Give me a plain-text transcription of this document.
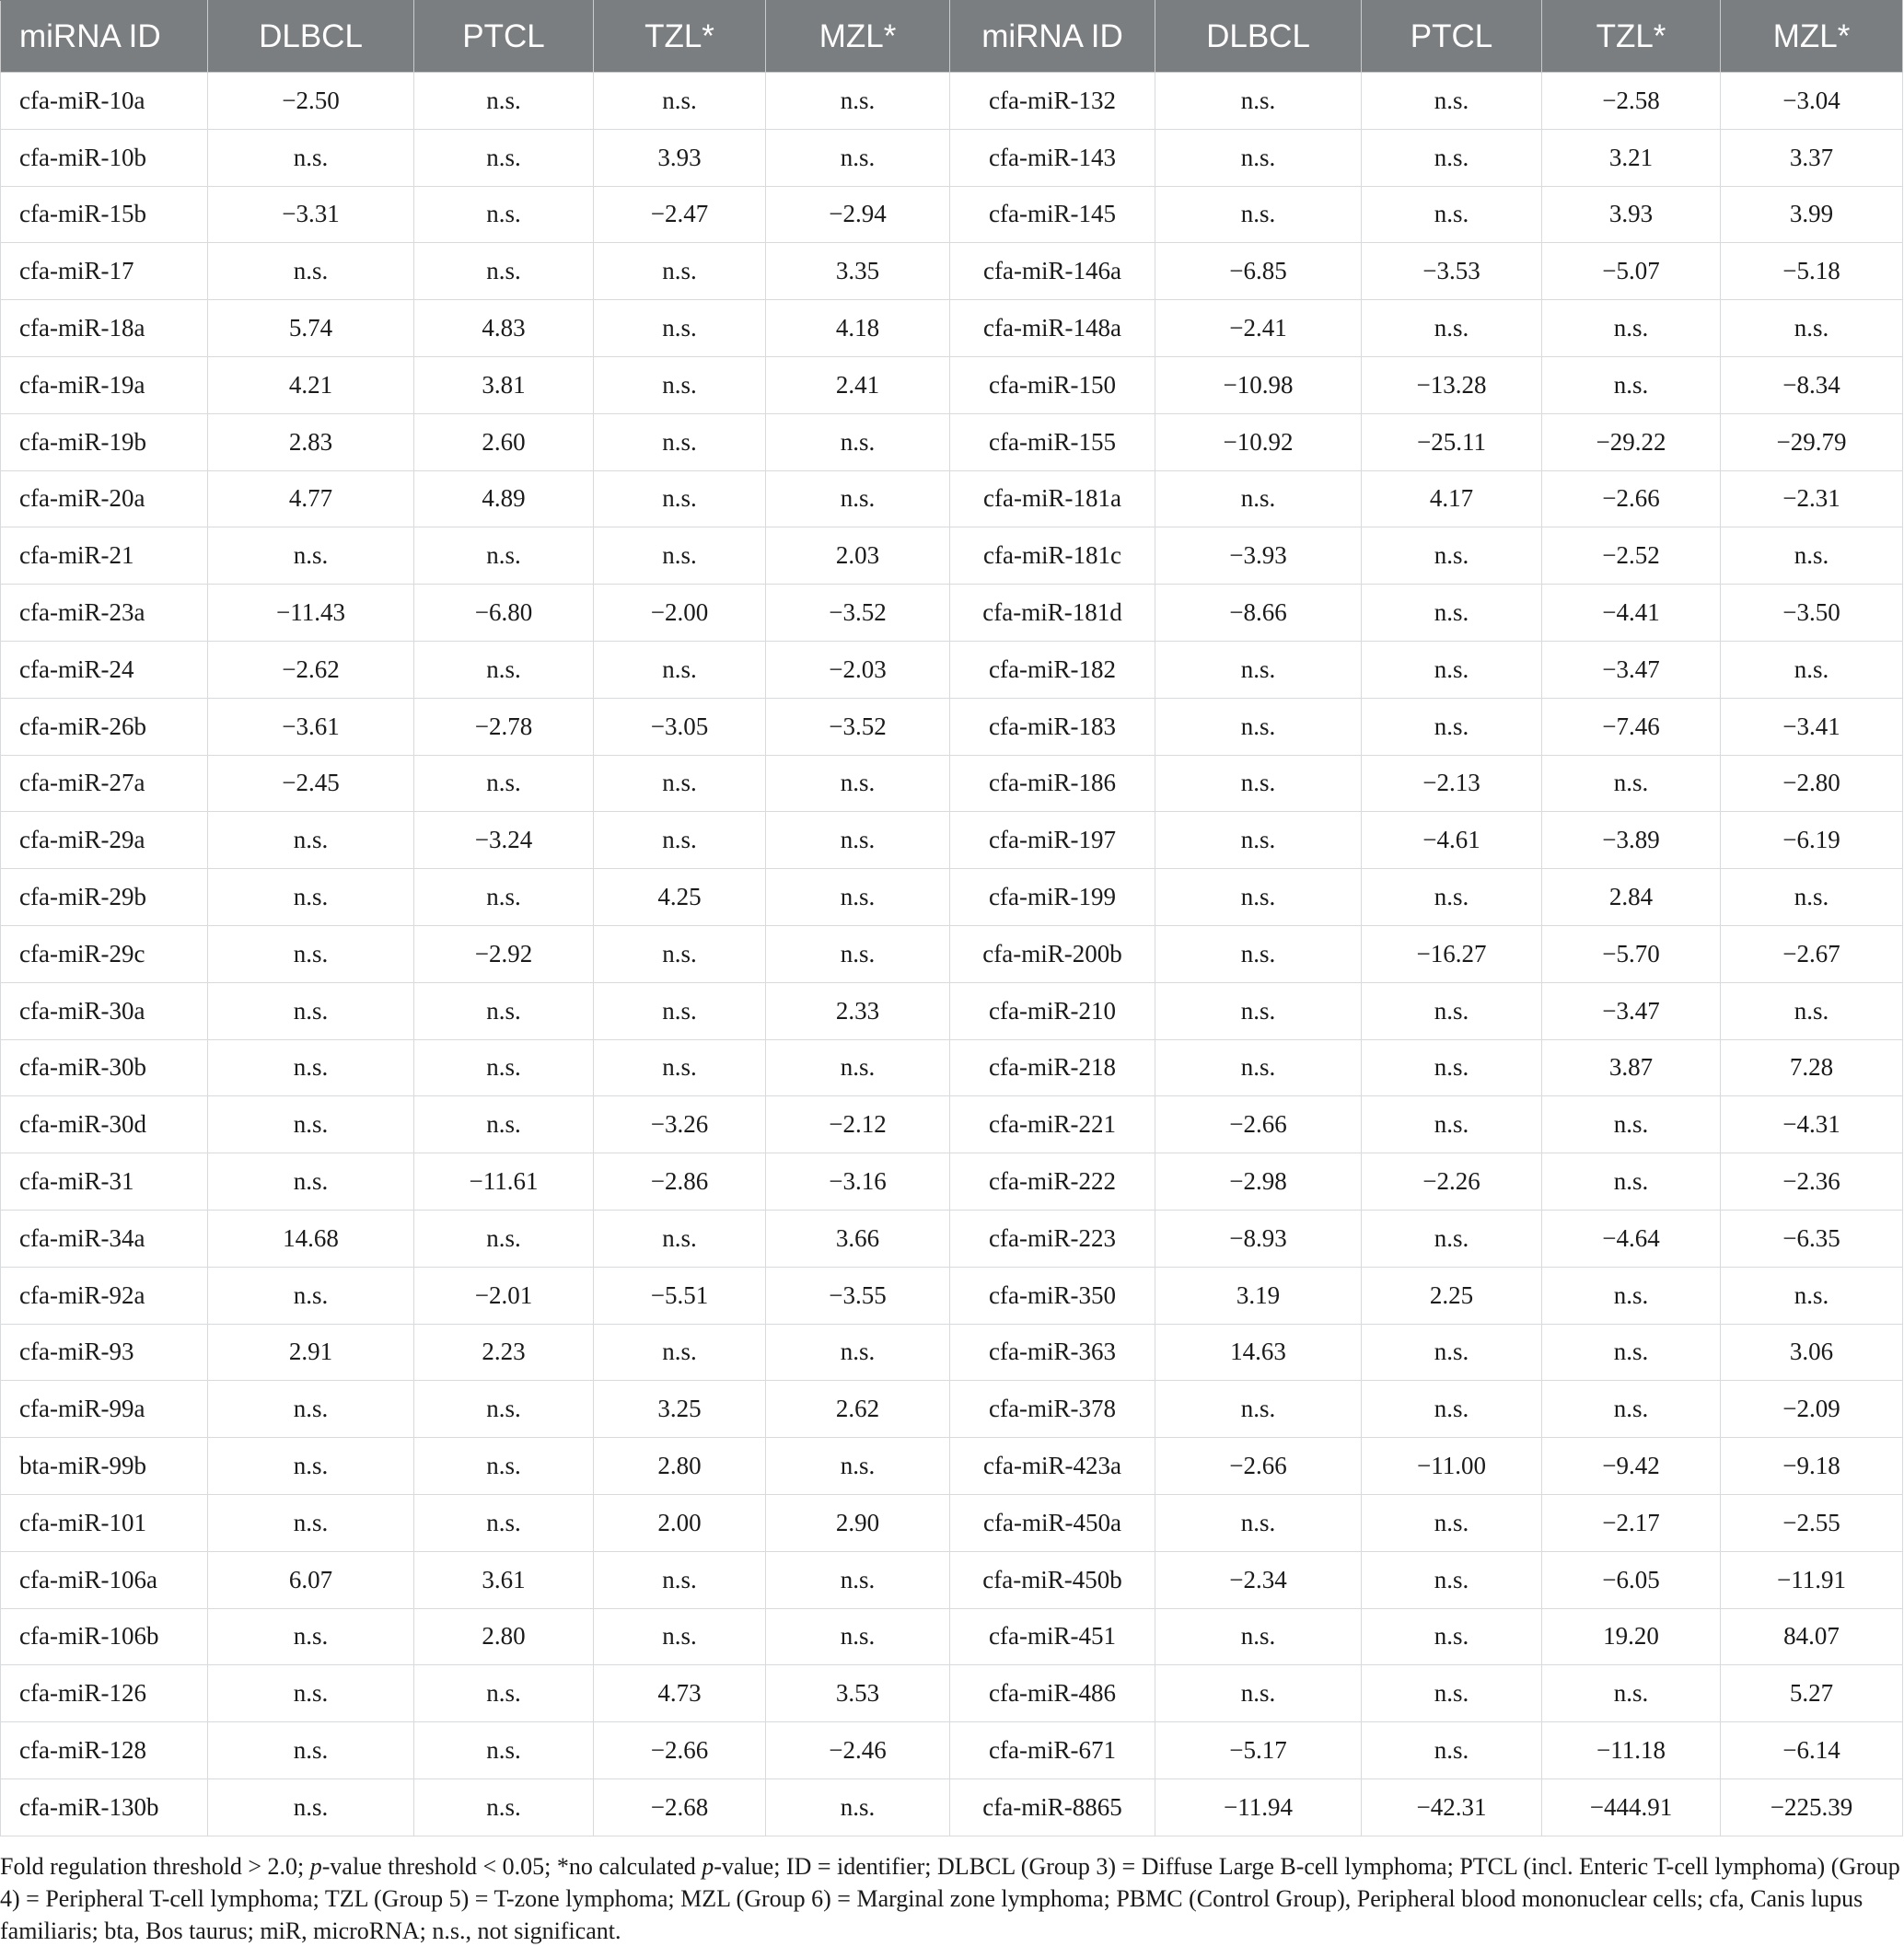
miRNA ID	DLBCL	PTCL	TZL*	MZL*	miRNA ID	DLBCL	PTCL	TZL*	MZL*
cfa-miR-10a	−2.50	n.s.	n.s.	n.s.	cfa-miR-132	n.s.	n.s.	−2.58	−3.04
cfa-miR-10b	n.s.	n.s.	3.93	n.s.	cfa-miR-143	n.s.	n.s.	3.21	3.37
cfa-miR-15b	−3.31	n.s.	−2.47	−2.94	cfa-miR-145	n.s.	n.s.	3.93	3.99
cfa-miR-17	n.s.	n.s.	n.s.	3.35	cfa-miR-146a	−6.85	−3.53	−5.07	−5.18
cfa-miR-18a	5.74	4.83	n.s.	4.18	cfa-miR-148a	−2.41	n.s.	n.s.	n.s.
cfa-miR-19a	4.21	3.81	n.s.	2.41	cfa-miR-150	−10.98	−13.28	n.s.	−8.34
cfa-miR-19b	2.83	2.60	n.s.	n.s.	cfa-miR-155	−10.92	−25.11	−29.22	−29.79
cfa-miR-20a	4.77	4.89	n.s.	n.s.	cfa-miR-181a	n.s.	4.17	−2.66	−2.31
cfa-miR-21	n.s.	n.s.	n.s.	2.03	cfa-miR-181c	−3.93	n.s.	−2.52	n.s.
cfa-miR-23a	−11.43	−6.80	−2.00	−3.52	cfa-miR-181d	−8.66	n.s.	−4.41	−3.50
cfa-miR-24	−2.62	n.s.	n.s.	−2.03	cfa-miR-182	n.s.	n.s.	−3.47	n.s.
cfa-miR-26b	−3.61	−2.78	−3.05	−3.52	cfa-miR-183	n.s.	n.s.	−7.46	−3.41
cfa-miR-27a	−2.45	n.s.	n.s.	n.s.	cfa-miR-186	n.s.	−2.13	n.s.	−2.80
cfa-miR-29a	n.s.	−3.24	n.s.	n.s.	cfa-miR-197	n.s.	−4.61	−3.89	−6.19
cfa-miR-29b	n.s.	n.s.	4.25	n.s.	cfa-miR-199	n.s.	n.s.	2.84	n.s.
cfa-miR-29c	n.s.	−2.92	n.s.	n.s.	cfa-miR-200b	n.s.	−16.27	−5.70	−2.67
cfa-miR-30a	n.s.	n.s.	n.s.	2.33	cfa-miR-210	n.s.	n.s.	−3.47	n.s.
cfa-miR-30b	n.s.	n.s.	n.s.	n.s.	cfa-miR-218	n.s.	n.s.	3.87	7.28
cfa-miR-30d	n.s.	n.s.	−3.26	−2.12	cfa-miR-221	−2.66	n.s.	n.s.	−4.31
cfa-miR-31	n.s.	−11.61	−2.86	−3.16	cfa-miR-222	−2.98	−2.26	n.s.	−2.36
cfa-miR-34a	14.68	n.s.	n.s.	3.66	cfa-miR-223	−8.93	n.s.	−4.64	−6.35
cfa-miR-92a	n.s.	−2.01	−5.51	−3.55	cfa-miR-350	3.19	2.25	n.s.	n.s.
cfa-miR-93	2.91	2.23	n.s.	n.s.	cfa-miR-363	14.63	n.s.	n.s.	3.06
cfa-miR-99a	n.s.	n.s.	3.25	2.62	cfa-miR-378	n.s.	n.s.	n.s.	−2.09
bta-miR-99b	n.s.	n.s.	2.80	n.s.	cfa-miR-423a	−2.66	−11.00	−9.42	−9.18
cfa-miR-101	n.s.	n.s.	2.00	2.90	cfa-miR-450a	n.s.	n.s.	−2.17	−2.55
cfa-miR-106a	6.07	3.61	n.s.	n.s.	cfa-miR-450b	−2.34	n.s.	−6.05	−11.91
cfa-miR-106b	n.s.	2.80	n.s.	n.s.	cfa-miR-451	n.s.	n.s.	19.20	84.07
cfa-miR-126	n.s.	n.s.	4.73	3.53	cfa-miR-486	n.s.	n.s.	n.s.	5.27
cfa-miR-128	n.s.	n.s.	−2.66	−2.46	cfa-miR-671	−5.17	n.s.	−11.18	−6.14
cfa-miR-130b	n.s.	n.s.	−2.68	n.s.	cfa-miR-8865	−11.94	−42.31	−444.91	−225.39
Fold regulation threshold > 2.0; p-value threshold < 0.05; *no calculated p-value; ID = identifier; DLBCL (Group 3) = Diffuse Large B-cell lymphoma; PTCL (incl. Enteric T-cell lymphoma) (Group 4) = Peripheral T-cell lymphoma; TZL (Group 5) = T-zone lymphoma; MZL (Group 6) = Marginal zone lymphoma; PBMC (Control Group), Peripheral blood mononuclear cells; cfa, Canis lupus familiaris; bta, Bos taurus; miR, microRNA; n.s., not significant.
